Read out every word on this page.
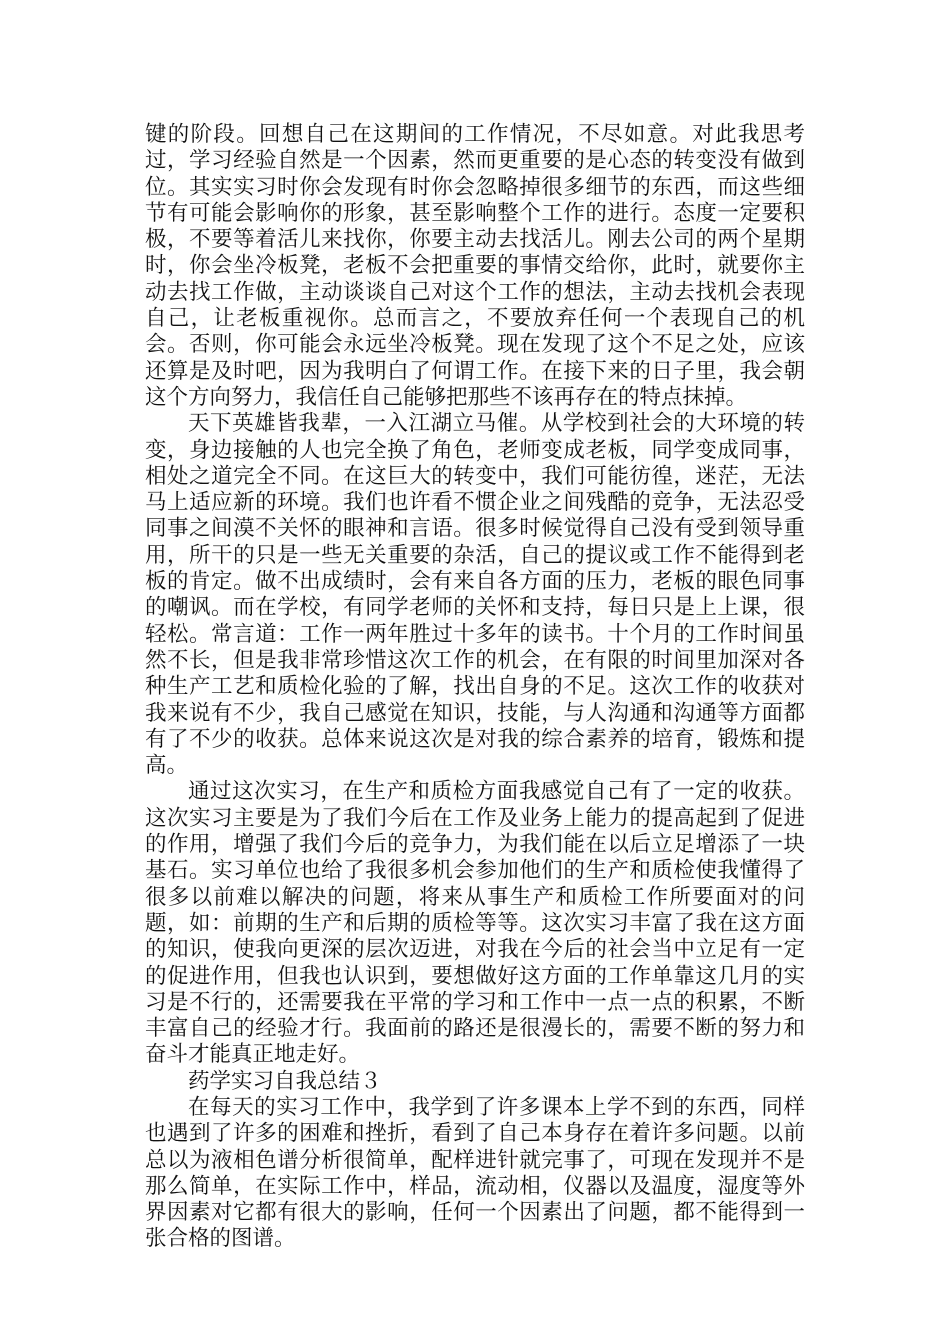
键的阶段。回想自己在这期间的工作情况，不尽如意。对此我思考过，学习经验自然是一个因素，然而更重要的是心态的转变没有做到位。其实实习时你会发现有时你会忽略掉很多细节的东西，而这些细节有可能会影响你的形象，甚至影响整个工作的进行。态度一定要积极，不要等着活儿来找你，你要主动去找活儿。刚去公司的两个星期时，你会坐冷板凳，老板不会把重要的事情交给你，此时，就要你主动去找工作做，主动谈谈自己对这个工作的想法，主动去找机会表现自己，让老板重视你。总而言之，不要放弃任何一个表现自己的机会。否则，你可能会永远坐冷板凳。现在发现了这个不足之处，应该还算是及时吧，因为我明白了何谓工作。在接下来的日子里，我会朝这个方向努力，我信任自己能够把那些不该再存在的特点抹掉。

天下英雄皆我辈，一入江湖立马催。从学校到社会的大环境的转变，身边接触的人也完全换了角色，老师变成老板，同学变成同事，相处之道完全不同。在这巨大的转变中，我们可能彷徨，迷茫，无法马上适应新的环境。我们也许看不惯企业之间残酷的竞争，无法忍受同事之间漠不关怀的眼神和言语。很多时候觉得自己没有受到领导重用，所干的只是一些无关重要的杂活，自己的提议或工作不能得到老板的肯定。做不出成绩时，会有来自各方面的压力，老板的眼色同事的嘲讽。而在学校，有同学老师的关怀和支持，每日只是上上课，很轻松。常言道：工作一两年胜过十多年的读书。十个月的工作时间虽然不长，但是我非常珍惜这次工作的机会，在有限的时间里加深对各种生产工艺和质检化验的了解，找出自身的不足。这次工作的收获对我来说有不少，我自己感觉在知识，技能，与人沟通和沟通等方面都有了不少的收获。总体来说这次是对我的综合素养的培育，锻炼和提高。

通过这次实习，在生产和质检方面我感觉自己有了一定的收获。这次实习主要是为了我们今后在工作及业务上能力的提高起到了促进的作用，增强了我们今后的竞争力，为我们能在以后立足增添了一块基石。实习单位也给了我很多机会参加他们的生产和质检使我懂得了很多以前难以解决的问题，将来从事生产和质检工作所要面对的问题，如：前期的生产和后期的质检等等。这次实习丰富了我在这方面的知识，使我向更深的层次迈进，对我在今后的社会当中立足有一定的促进作用，但我也认识到，要想做好这方面的工作单靠这几月的实习是不行的，还需要我在平常的学习和工作中一点一点的积累，不断丰富自己的经验才行。我面前的路还是很漫长的，需要不断的努力和奋斗才能真正地走好。

药学实习自我总结３

在每天的实习工作中，我学到了许多课本上学不到的东西，同样也遇到了许多的困难和挫折，看到了自己本身存在着许多问题。以前总以为液相色谱分析很简单，配样进针就完事了，可现在发现并不是那么简单，在实际工作中，样品，流动相，仪器以及温度，湿度等外界因素对它都有很大的影响，任何一个因素出了问题，都不能得到一张合格的图谱。
